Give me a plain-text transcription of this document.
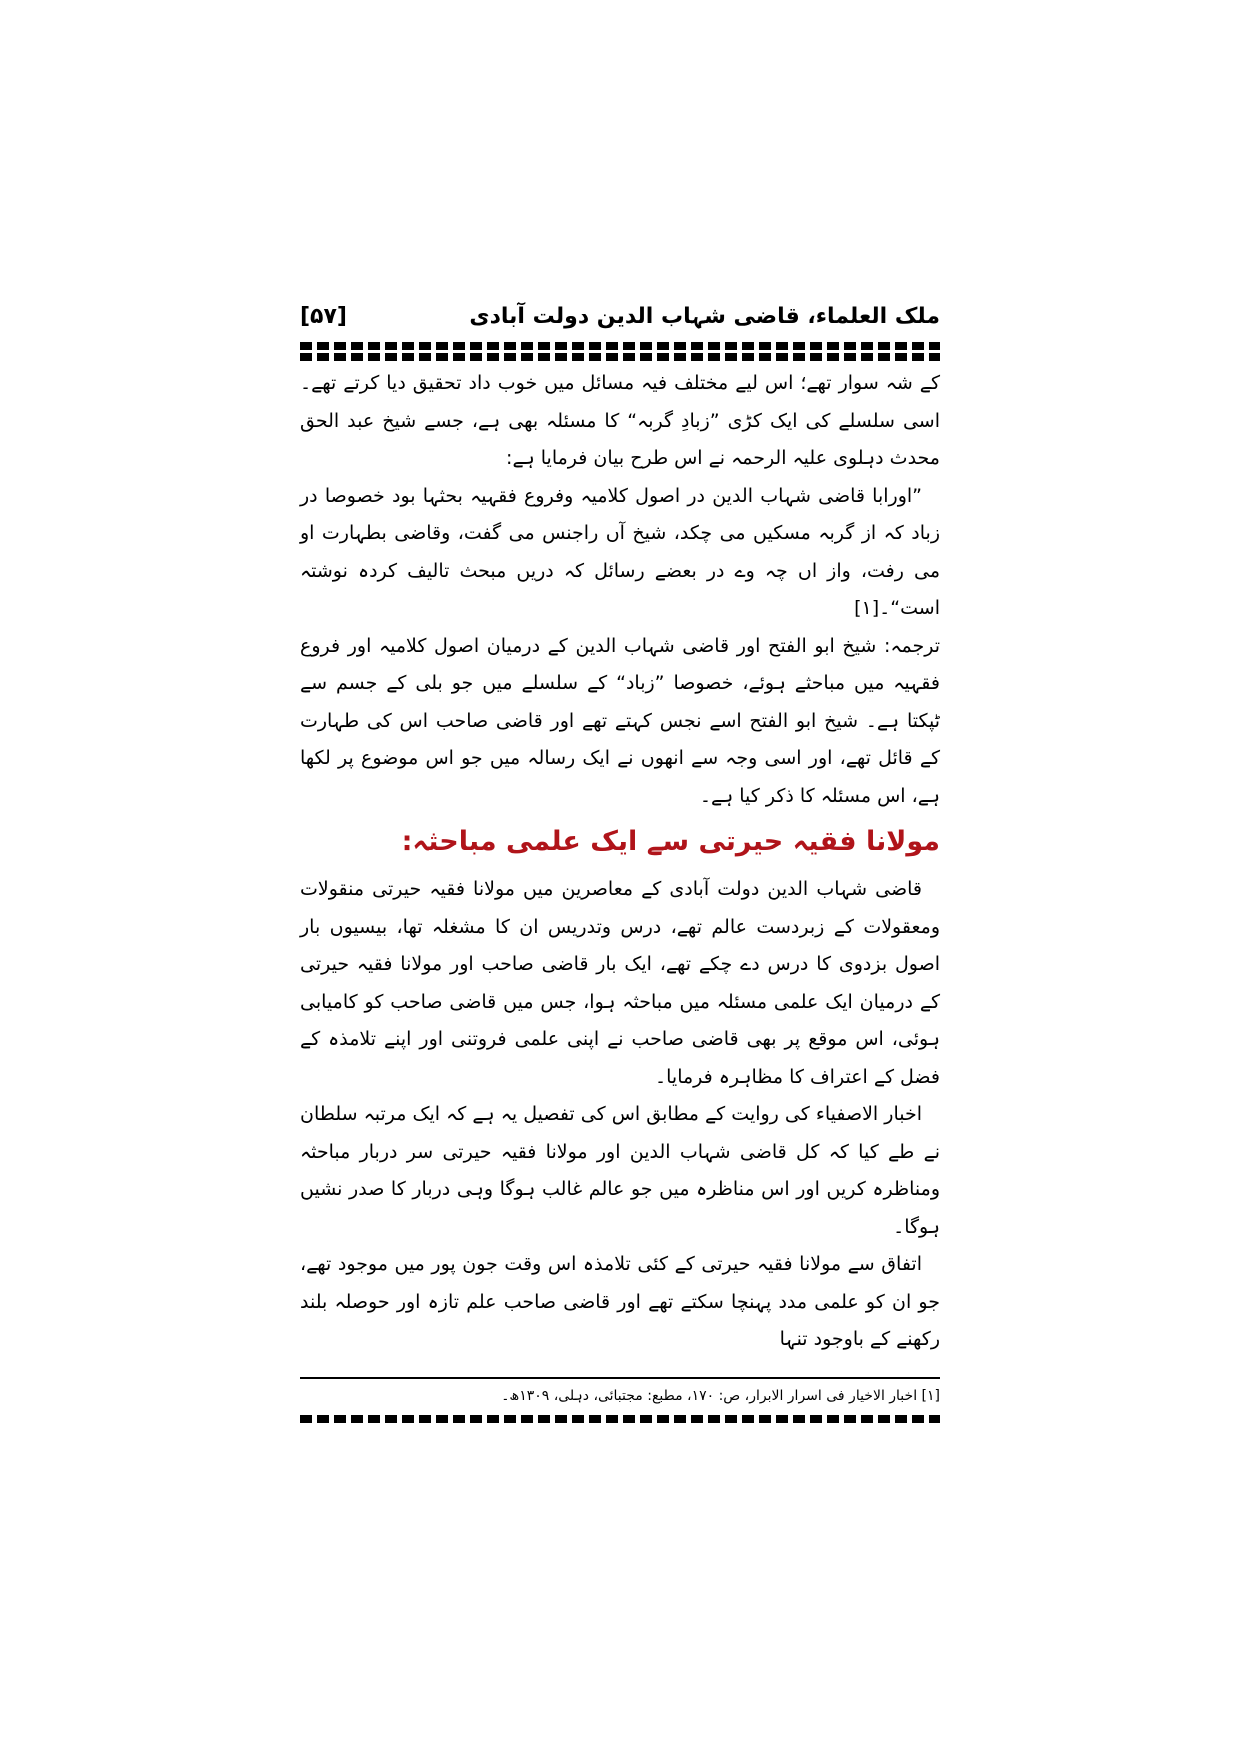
ملک العلماء، قاضی شہاب الدین دولت آبادی
[۵۷]

کے شہ سوار تھے؛ اس لیے مختلف فیہ مسائل میں خوب داد تحقیق دیا کرتے تھے۔ اسی سلسلے کی ایک کڑی ”زبادِ گربہ“ کا مسئلہ بھی ہے، جسے شیخ عبد الحق محدث دہلوی علیہ الرحمہ نے اس طرح بیان فرمایا ہے:

”اورابا قاضی شہاب الدین در اصول کلامیہ وفروع فقہیہ بحثہا بود خصوصا در زباد کہ از گربہ مسکیں می چکد، شیخ آں راجنس می گفت، وقاضی بطہارت او می رفت، واز اں چہ وے در بعضے رسائل کہ دریں مبحث تالیف کردہ نوشتہ است“۔[۱]

ترجمہ: شیخ ابو الفتح اور قاضی شہاب الدین کے درمیان اصول کلامیہ اور فروع فقہیہ میں مباحثے ہوئے، خصوصا ”زباد“ کے سلسلے میں جو بلی کے جسم سے ٹپکتا ہے۔ شیخ ابو الفتح اسے نجس کہتے تھے اور قاضی صاحب اس کی طہارت کے قائل تھے، اور اسی وجہ سے انھوں نے ایک رسالہ میں جو اس موضوع پر لکھا ہے، اس مسئلہ کا ذکر کیا ہے۔

مولانا فقیہ حیرتی سے ایک علمی مباحثہ:

قاضی شہاب الدین دولت آبادی کے معاصرین میں مولانا فقیہ حیرتی منقولات ومعقولات کے زبردست عالم تھے، درس وتدریس ان کا مشغلہ تھا، بیسیوں بار اصول بزدوی کا درس دے چکے تھے، ایک بار قاضی صاحب اور مولانا فقیہ حیرتی کے درمیان ایک علمی مسئلہ میں مباحثہ ہوا، جس میں قاضی صاحب کو کامیابی ہوئی، اس موقع پر بھی قاضی صاحب نے اپنی علمی فروتنی اور اپنے تلامذہ کے فضل کے اعتراف کا مظاہرہ فرمایا۔

اخبار الاصفیاء کی روایت کے مطابق اس کی تفصیل یہ ہے کہ ایک مرتبہ سلطان نے طے کیا کہ کل قاضی شہاب الدین اور مولانا فقیہ حیرتی سر دربار مباحثہ ومناظرہ کریں اور اس مناظرہ میں جو عالم غالب ہوگا وہی دربار کا صدر نشیں ہوگا۔

اتفاق سے مولانا فقیہ حیرتی کے کئی تلامذہ اس وقت جون پور میں موجود تھے، جو ان کو علمی مدد پہنچا سکتے تھے اور قاضی صاحب علم تازہ اور حوصلہ بلند رکھنے کے باوجود تنہا

[۱] اخبار الاخیار فی اسرار الابرار، ص: ۱۷۰، مطبع: مجتبائی، دہلی، ۱۳۰۹ھ۔
